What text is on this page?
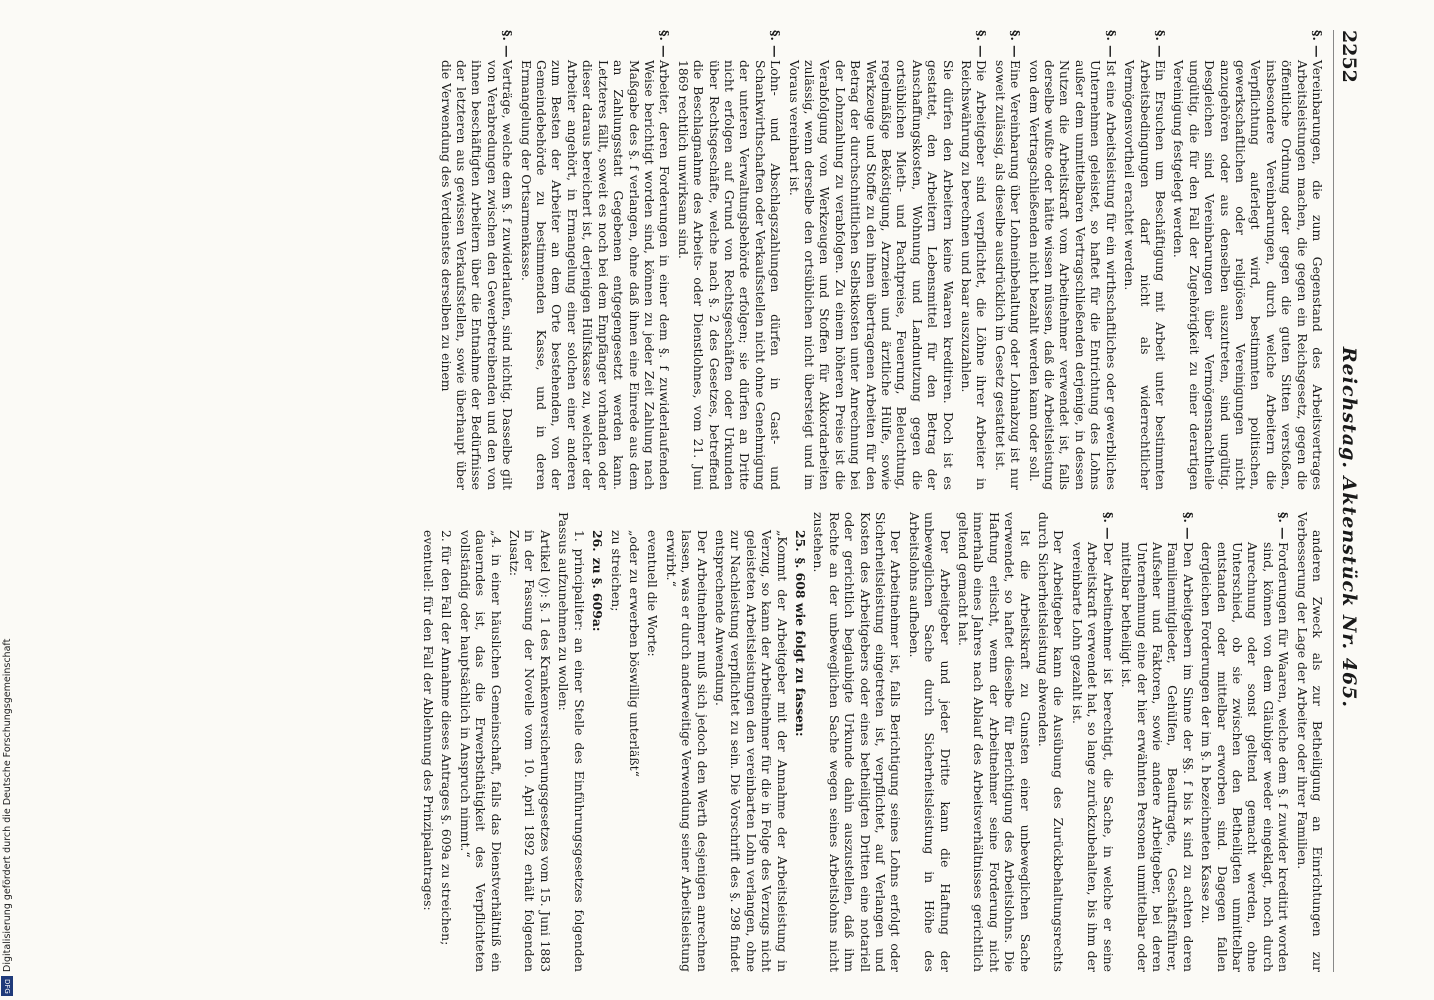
2252
Reichstag. Aktenstück Nr. 465.
§. —
Vereinbarungen, die zum Gegenstand des Arbeitsvertrages Arbeitsleistungen machen, die gegen ein Reichsgesetz, gegen die öffentliche Ordnung oder gegen die guten Sitten verstoßen, insbesondere Vereinbarungen, durch welche Arbeitern die Verpflichtung auferlegt wird, bestimmten politischen, gewerkschaftlichen oder religiösen Vereinigungen nicht anzugehören oder aus denselben auszutreten, sind ungültig. Desgleichen sind Vereinbarungen über Vermögensnachtheile ungültig, die für den Fall der Zugehörigkeit zu einer derartigen Vereinigung festgelegt werden.
§. —
Ein Ersuchen um Beschäftigung mit Arbeit unter bestimmten Arbeitsbedingungen darf nicht als widerrechtlicher Vermögensvortheil erachtet werden.
§. —
Ist eine Arbeitsleistung für ein wirthschaftliches oder gewerbliches Unternehmen geleistet, so haftet für die Entrichtung des Lohns außer dem unmittelbaren Vertragschließenden derjenige, in dessen Nutzen die Arbeitskraft vom Arbeitnehmer verwendet ist, falls derselbe wußte oder hätte wissen müssen, daß die Arbeitsleistung von dem Vertragschließenden nicht bezahlt werden kann oder soll.
§. —
Eine Vereinbarung über Lohneinbehaltung oder Lohnabzug ist nur soweit zulässig, als dieselbe ausdrücklich im Gesetz gestattet ist.
§. —
Die Arbeitgeber sind verpflichtet, die Löhne ihrer Arbeiter in Reichswährung zu berechnen und baar auszuzahlen.
Sie dürfen den Arbeitern keine Waaren kreditiren. Doch ist es gestattet, den Arbeitern Lebensmittel für den Betrag der Anschaffungskosten, Wohnung und Landnutzung gegen die ortsüblichen Mieth- und Pachtpreise, Feuerung, Beleuchtung, regelmäßige Beköstigung, Arzneien und ärztliche Hülfe, sowie Werkzeuge und Stoffe zu den ihnen übertragenen Arbeiten für den Betrag der durchschnittlichen Selbstkosten unter Anrechnung bei der Lohnzahlung zu verabfolgen. Zu einem höheren Preise ist die Verabfolgung von Werkzeugen und Stoffen für Akkordarbeiten zulässig, wenn derselbe den ortsüblichen nicht übersteigt und im Voraus vereinbart ist.
§. —
Lohn- und Abschlagszahlungen dürfen in Gast- und Schankwirthschaften oder Verkaufsstellen nicht ohne Genehmigung der unteren Verwaltungsbehörde erfolgen; sie dürfen an Dritte nicht erfolgen auf Grund von Rechtsgeschäften oder Urkunden über Rechtsgeschäfte, welche nach §. 2 des Gesetzes, betreffend die Beschlagnahme des Arbeits- oder Dienstlohnes, vom 21. Juni 1869 rechtlich unwirksam sind.
§. —
Arbeiter, deren Forderungen in einer dem §. f zuwiderlaufenden Weise berichtigt worden sind, können zu jeder Zeit Zahlung nach Maßgabe des §. f verlangen, ohne daß ihnen eine Einrede aus dem an Zahlungsstatt Gegebenen entgegengesetzt werden kann. Letzteres fällt, soweit es noch bei dem Empfänger vorhanden oder dieser daraus bereichert ist, derjenigen Hülfskasse zu, welcher der Arbeiter angehört, in Ermangelung einer solchen einer anderen zum Besten der Arbeiter an dem Orte bestehenden, von der Gemeindebehörde zu bestimmenden Kasse, und in deren Ermangelung der Ortsarmenkasse.
§. —
Verträge, welche dem §. f zuwiderlaufen, sind nichtig. Dasselbe gilt von Verabredungen zwischen den Gewerbetreibenden und den von ihnen beschäftigten Arbeitern über die Entnahme der Bedürfnisse der letzteren aus gewissen Verkaufsstellen, sowie überhaupt über die Verwendung des Verdienstes derselben zu einem
anderen Zweck als zur Betheiligung an Einrichtungen zur Verbesserung der Lage der Arbeiter oder ihrer Familien.
§. —
Forderungen für Waaren, welche dem §. f zuwider kreditirt worden sind, können von dem Gläubiger weder eingeklagt, noch durch Anrechnung oder sonst geltend gemacht werden, ohne Unterschied, ob sie zwischen den Betheiligten unmittelbar entstanden oder mittelbar erworben sind. Dagegen fallen dergleichen Forderungen der im §. h bezeichneten Kasse zu.
§. —
Den Arbeitgebern im Sinne der §§. f bis k sind zu achten deren Familienmitglieder, Gehülfen, Beauftragte, Geschäftsführer, Aufseher und Faktoren, sowie andere Arbeitgeber, bei deren Unternehmung eine der hier erwähnten Personen unmittelbar oder mittelbar betheiligt ist.
§. —
Der Arbeitnehmer ist berechtigt, die Sache, in welche er seine Arbeitskraft verwendet hat, so lange zurückzubehalten, bis ihm der vereinbarte Lohn gezahlt ist.
Der Arbeitgeber kann die Ausübung des Zurückbehaltungsrechts durch Sicherheitsleistung abwenden.
Ist die Arbeitskraft zu Gunsten einer unbeweglichen Sache verwendet, so haftet dieselbe für Berichtigung des Arbeitslohns. Die Haftung erlischt, wenn der Arbeitnehmer seine Forderung nicht innerhalb eines Jahres nach Ablauf des Arbeitsverhältnisses gerichtlich geltend gemacht hat.
Der Arbeitgeber und jeder Dritte kann die Haftung der unbeweglichen Sache durch Sicherheitsleistung in Höhe des Arbeitslohns aufheben.
Der Arbeitnehmer ist, falls Berichtigung seines Lohns erfolgt oder Sicherheitsleistung eingetreten ist, verpflichtet, auf Verlangen und Kosten des Arbeitgebers oder eines betheiligten Dritten eine notariell oder gerichtlich beglaubigte Urkunde dahin auszustellen, daß ihm Rechte an der unbeweglichen Sache wegen seines Arbeitslohns nicht zustehen.
25.§. 608 wie folgt zu fassen:
„Kommt der Arbeitgeber mit der Annahme der Arbeitsleistung in Verzug, so kann der Arbeitnehmer für die in Folge des Verzugs nicht geleisteten Arbeitsleistungen den vereinbarten Lohn verlangen, ohne zur Nachleistung verpflichtet zu sein. Die Vorschrift des §. 298 findet entsprechende Anwendung.
Der Arbeitnehmer muß sich jedoch den Werth desjenigen anrechnen lassen, was er durch anderweitige Verwendung seiner Arbeitsleistung erwirbt.“
eventuell die Worte:
„oder zu erwerben böswillig unterläßt“
zu streichen;
26.zu §. 609a:
1. principaliter: an einer Stelle des Einführungsgesetzes folgenden Passus aufzunehmen zu wollen:
Artikel (y): §. 1 des Krankenversicherungsgesetzes vom 15. Juni 1883 in der Fassung der Novelle vom 10. April 1892 erhält folgenden Zusatz:
„4. in einer häuslichen Gemeinschaft, falls das Dienstverhältniß ein dauerndes ist, das die Erwerbsthätigkeit des Verpflichteten vollständig oder hauptsächlich in Anspruch nimmt.“
2. für den Fall der Annahme dieses Antrages §. 609a zu streichen;
eventuell: für den Fall der Ablehnung des Prinzipalantrages:
Digitalisierung gefördert durch die Deutsche Forschungsgemeinschaft
DFG
